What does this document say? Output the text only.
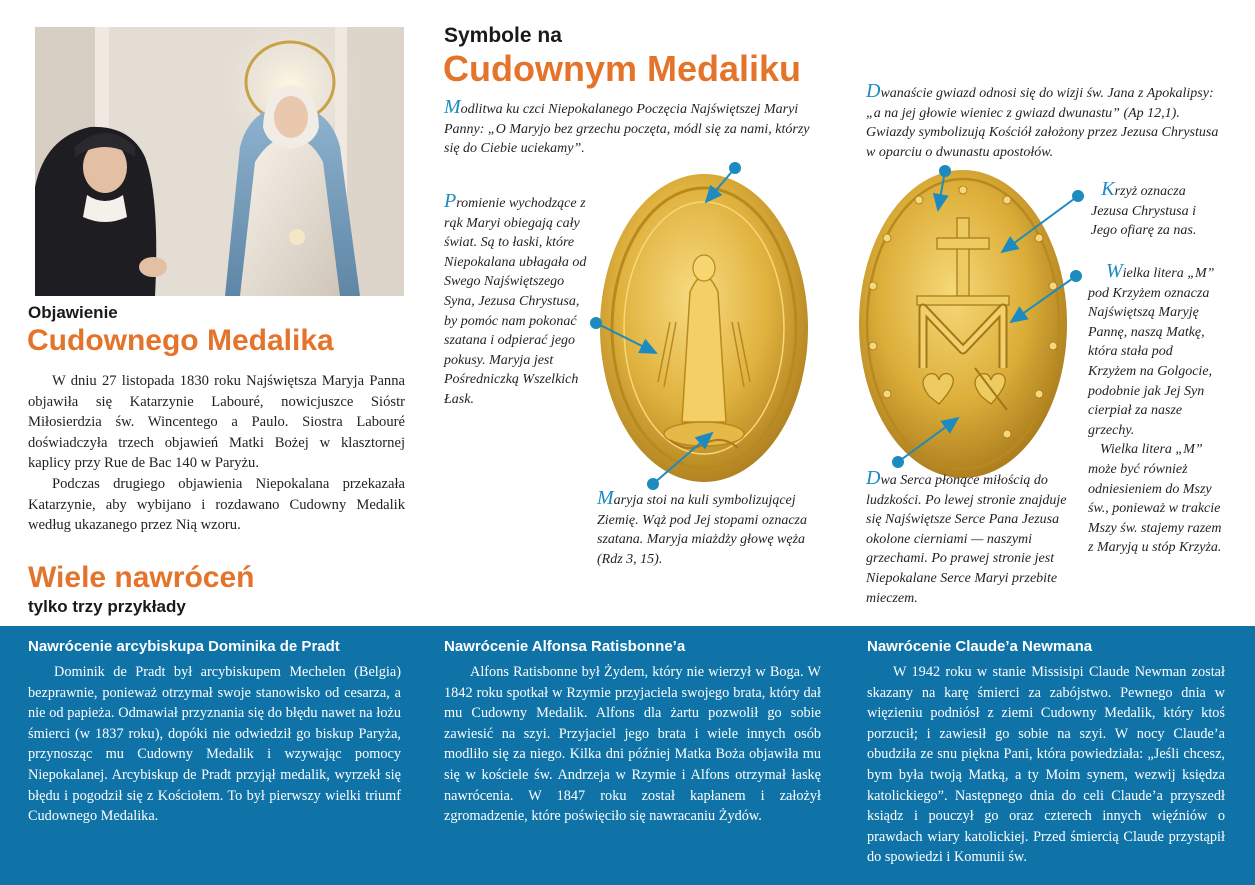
Objawienie
Cudownego Medalika

W dniu 27 listopada 1830 roku Najświętsza Maryja Panna objawiła się Katarzynie Labouré, nowicjuszce Sióstr Miłosierdzia św. Wincentego a Paulo. Siostra Labouré doświadczyła trzech objawień Matki Bożej w klasztornej kaplicy przy Rue de Bac 140 w Paryżu.

Podczas drugiego objawienia Niepokalana przekazała Katarzynie, aby wybijano i rozdawano Cudowny Medalik według ukazanego przez Nią wzoru.

Wiele nawróceń
tylko trzy przykłady
Symbole na
Cudownym Medaliku
Modlitwa ku czci Niepokalanego Poczęcia Najświętszej Maryi Panny: „O Maryjo bez grzechu poczęta, módl się za nami, którzy się do Ciebie uciekamy”.
Promienie wychodzące z rąk Maryi obiegają cały świat. Są to łaski, które Niepokalana ubłagała od Swego Najświętszego Syna, Jezusa Chrystusa, by pomóc nam pokonać szatana i odpierać jego pokusy. Maryja jest Pośredniczką Wszelkich Łask.
Maryja stoi na kuli symbolizującej Ziemię. Wąż pod Jej stopami oznacza szatana. Maryja miażdży głowę węża (Rdz 3, 15).
Dwanaście gwiazd odnosi się do wizji św. Jana z Apokalipsy: „a na jej głowie wieniec z gwiazd dwunastu” (Ap 12,1). Gwiazdy symbolizują Kościół założony przez Jezusa Chrystusa w oparciu o dwunastu apostołów.
Krzyż oznacza Jezusa Chrystusa i Jego ofiarę za nas.
Wielka litera „M” pod Krzyżem oznacza Najświętszą Maryję Pannę, naszą Matkę, która stała pod Krzyżem na Golgocie, podobnie jak Jej Syn cierpiał za nasze grzechy.
Wielka litera „M” może być również odniesieniem do Mszy św., ponieważ w trakcie Mszy św. stajemy razem z Maryją u stóp Krzyża.
Dwa Serca płonące miłością do ludzkości. Po lewej stronie znajduje się Najświętsze Serce Pana Jezusa okolone cierniami — naszymi grzechami. Po prawej stronie jest Niepokalane Serce Maryi przebite mieczem.
Nawrócenie arcybiskupa Dominika de Pradt
Dominik de Pradt był arcybiskupem Mechelen (Belgia) bezprawnie, ponieważ otrzymał swoje stanowisko od cesarza, a nie od papieża. Odmawiał przyznania się do błędu nawet na łożu śmierci (w 1837 roku), dopóki nie odwiedził go biskup Paryża, przynosząc mu Cudowny Medalik i wzywając pomocy Niepokalanej. Arcybiskup de Pradt przyjął medalik, wyrzekł się błędu i pogodził się z Kościołem. To był pierwszy wielki triumf Cudownego Medalika.
Nawrócenie Alfonsa Ratisbonne’a
Alfons Ratisbonne był Żydem, który nie wierzył w Boga. W 1842 roku spotkał w Rzymie przyjaciela swojego brata, który dał mu Cudowny Medalik. Alfons dla żartu pozwolił go sobie zawiesić na szyi. Przyjaciel jego brata i wiele innych osób modliło się za niego. Kilka dni później Matka Boża objawiła mu się w kościele św. Andrzeja w Rzymie i Alfons otrzymał łaskę nawrócenia. W 1847 roku został kapłanem i założył zgromadzenie, które poświęciło się nawracaniu Żydów.
Nawrócenie Claude’a Newmana
W 1942 roku w stanie Missisipi Claude Newman został skazany na karę śmierci za zabójstwo. Pewnego dnia w więzieniu podniósł z ziemi Cudowny Medalik, który ktoś porzucił; i zawiesił go sobie na szyi. W nocy Claude’a obudziła ze snu piękna Pani, która powiedziała: „Jeśli chcesz, bym była twoją Matką, a ty Moim synem, wezwij księdza katolickiego”. Następnego dnia do celi Claude’a przyszedł ksiądz i pouczył go oraz czterech innych więźniów o prawdach wiary katolickiej. Przed śmiercią Claude przystąpił do spowiedzi i Komunii św.
